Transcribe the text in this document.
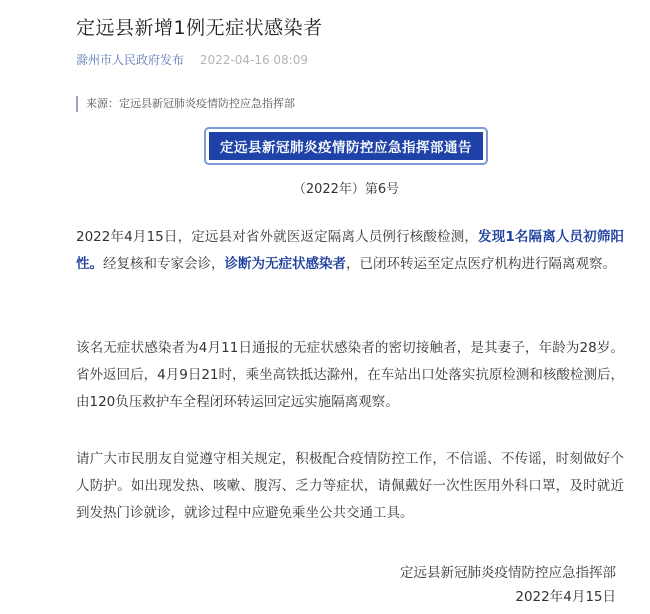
定远县新增1例无症状感染者
滁州市人民政府发布 2022-04-16 08:09
来源：定远县新冠肺炎疫情防控应急指挥部
定远县新冠肺炎疫情防控应急指挥部通告
（2022年）第6号
2022年4月15日，定远县对省外就医返定隔离人员例行核酸检测，发现1名隔离人员初筛阳性。经复核和专家会诊，诊断为无症状感染者，已闭环转运至定点医疗机构进行隔离观察。
该名无症状感染者为4月11日通报的无症状感染者的密切接触者，是其妻子，年龄为28岁。省外返回后，4月9日21时，乘坐高铁抵达滁州，在车站出口处落实抗原检测和核酸检测后，由120负压救护车全程闭环转运回定远实施隔离观察。
请广大市民朋友自觉遵守相关规定，积极配合疫情防控工作，不信谣、不传谣，时刻做好个人防护。如出现发热、咳嗽、腹泻、乏力等症状，请佩戴好一次性医用外科口罩，及时就近到发热门诊就诊，就诊过程中应避免乘坐公共交通工具。
定远县新冠肺炎疫情防控应急指挥部
2022年4月15日
